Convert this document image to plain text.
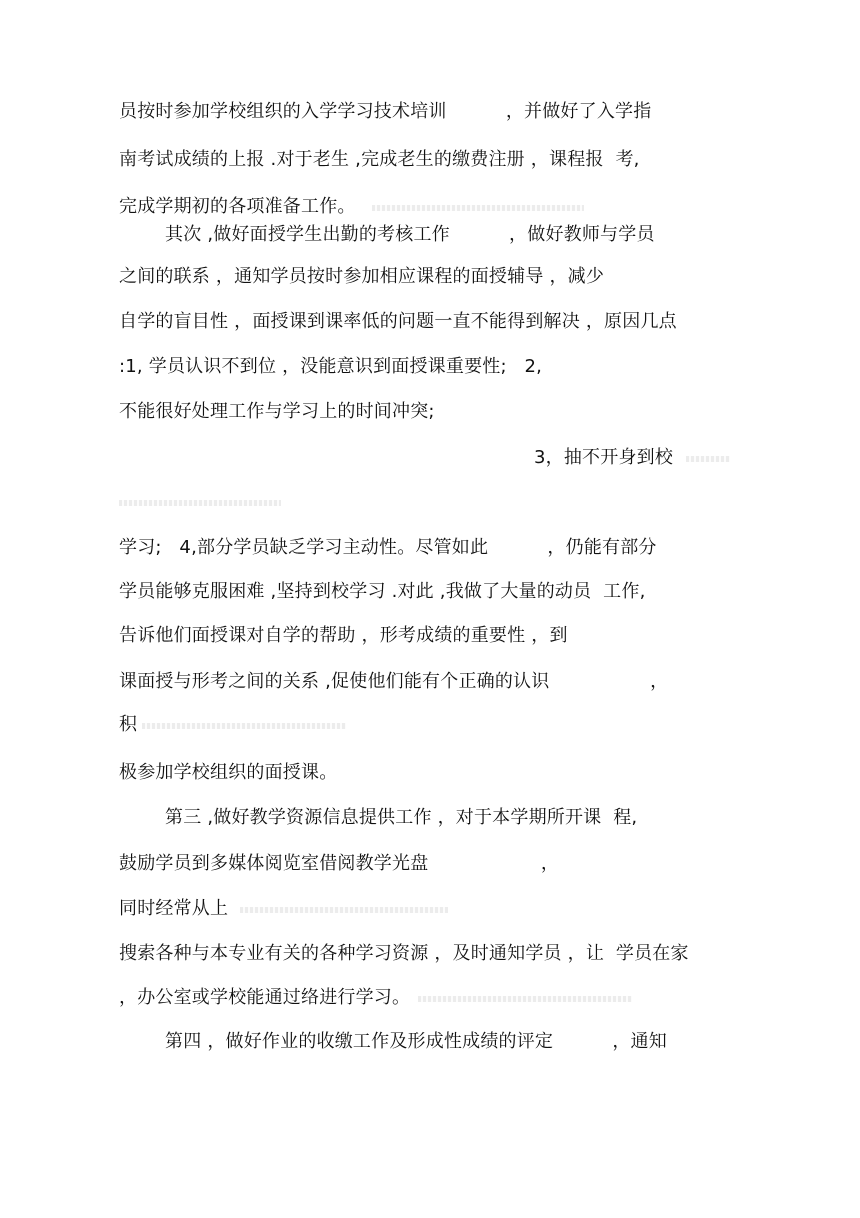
员按时参加学校组织的入学学习技术培训          ，并做好了入学指
南考试成绩的上报 .对于老生 ,完成老生的缴费注册 ，课程报  考,
完成学期初的各项准备工作。
其次 ,做好面授学生出勤的考核工作          ，做好教师与学员
之间的联系 ，通知学员按时参加相应课程的面授辅导 ，减少
自学的盲目性 ，面授课到课率低的问题一直不能得到解决 ，原因几点
:1, 学员认识不到位 ，没能意识到面授课重要性;   2,
不能很好处理工作与学习上的时间冲突;
3，抽不开身到校
学习;   4,部分学员缺乏学习主动性。尽管如此          ，仍能有部分
学员能够克服困难 ,坚持到校学习 .对此 ,我做了大量的动员  工作,
告诉他们面授课对自学的帮助 ，形考成绩的重要性 ，到
课面授与形考之间的关系 ,促使他们能有个正确的认识                 ，
积
极参加学校组织的面授课。
第三 ,做好教学资源信息提供工作 ，对于本学期所开课  程,
鼓励学员到多媒体阅览室借阅教学光盘                   ，
同时经常从上
搜索各种与本专业有关的各种学习资源 ，及时通知学员 ，让  学员在家
，办公室或学校能通过络进行学习。
第四 ，做好作业的收缴工作及形成性成绩的评定          ，通知
